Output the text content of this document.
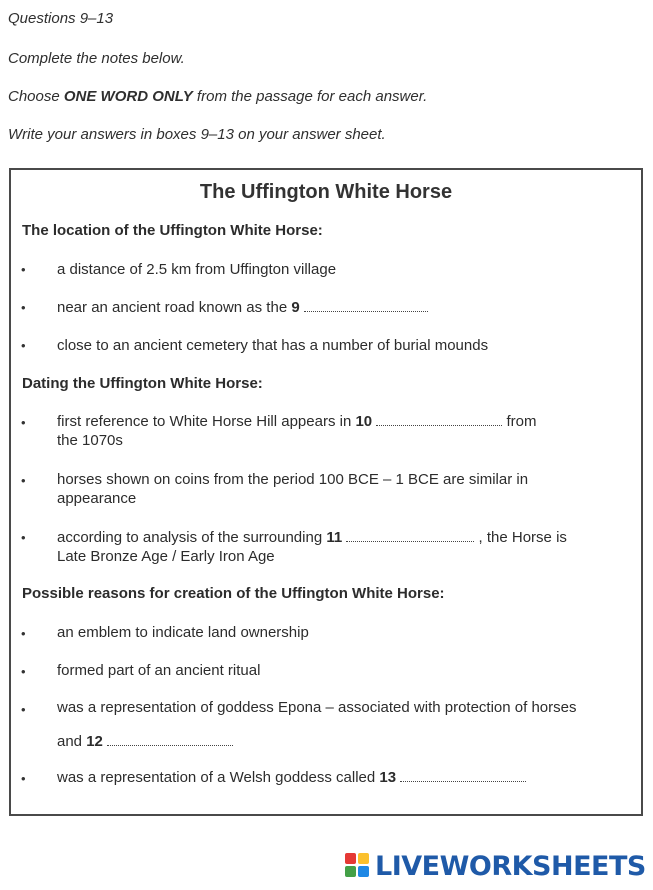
Questions 9–13
Complete the notes below.
Choose ONE WORD ONLY from the passage for each answer.
Write your answers in boxes 9–13 on your answer sheet.
The Uffington White Horse
The location of the Uffington White Horse:
• a distance of 2.5 km from Uffington village
• near an ancient road known as the 9
• close to an ancient cemetery that has a number of burial mounds
Dating the Uffington White Horse:
• first reference to White Horse Hill appears in 10	from
the 1070s
• horses shown on coins from the period 100 BCE – 1 BCE are similar in
appearance
• according to analysis of the surrounding 11	, the Horse is
Late Bronze Age / Early Iron Age
Possible reasons for creation of the Uffington White Horse:
• an emblem to indicate land ownership
• formed part of an ancient ritual
• was a representation of goddess Epona – associated with protection of horses
and 12
• was a representation of a Welsh goddess called 13
LIVEWORKSHEETS
